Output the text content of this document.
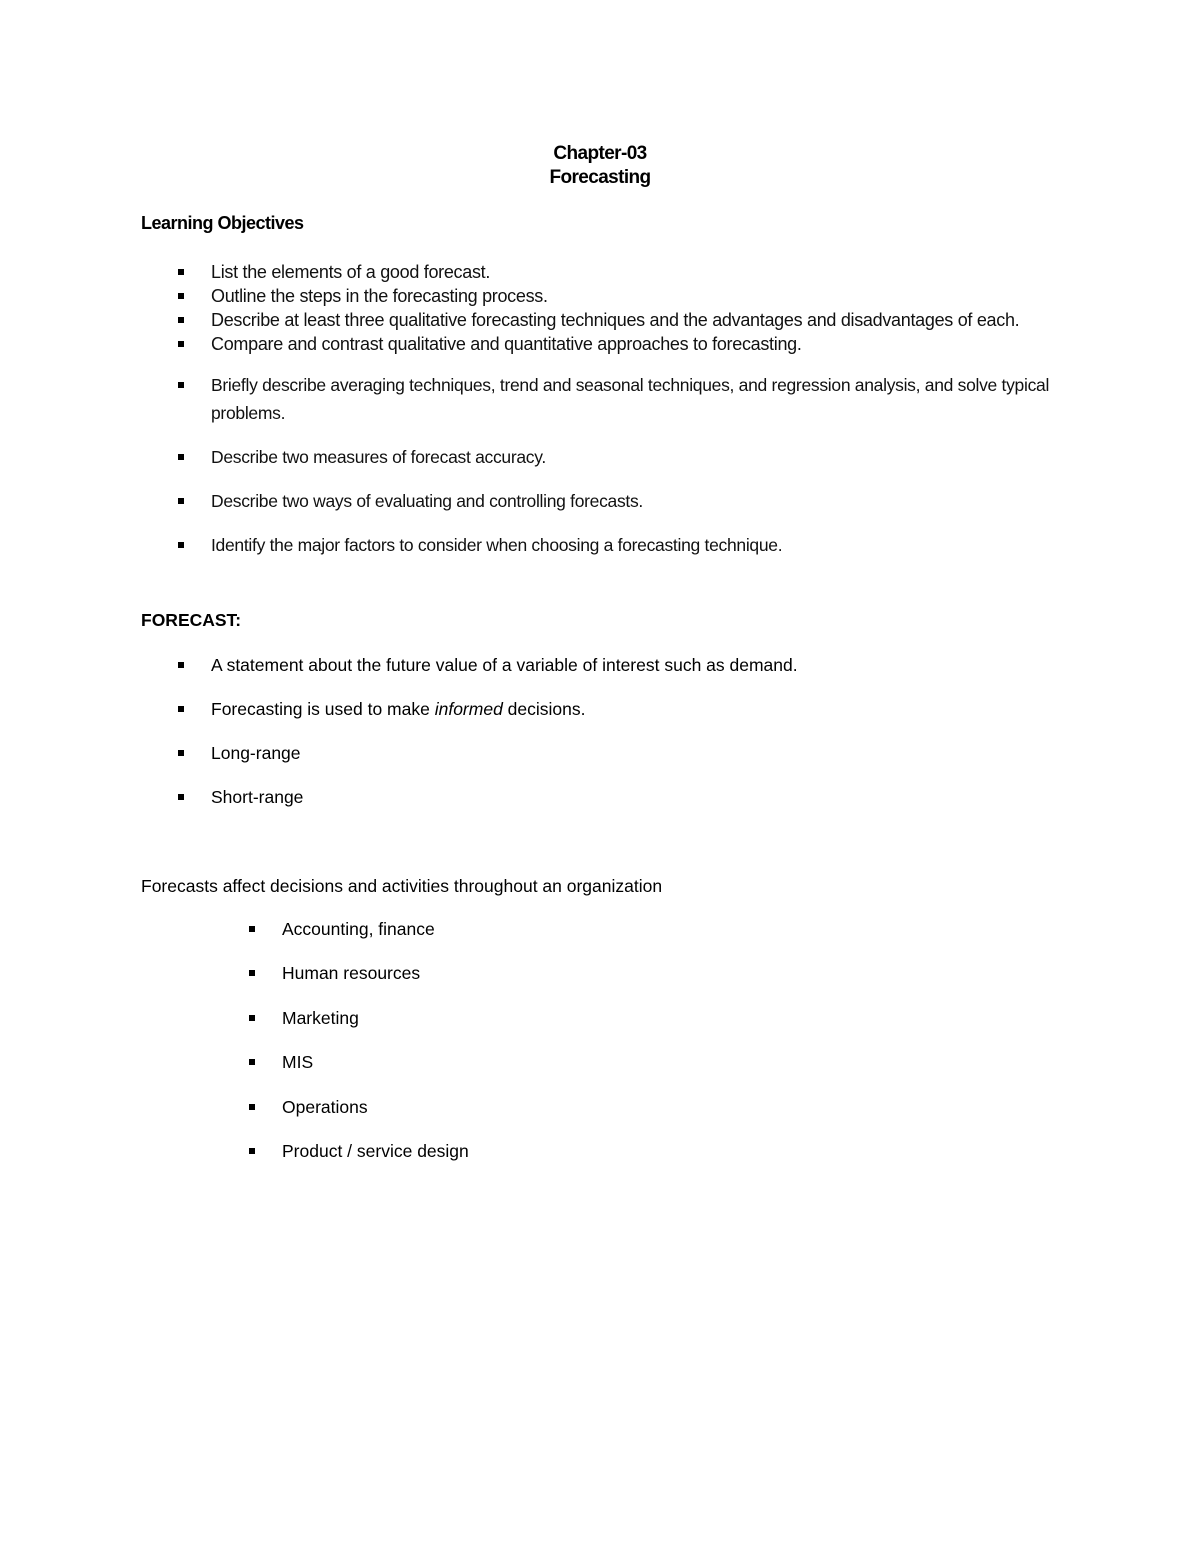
Chapter-03
Forecasting
Learning Objectives
List the elements of a good forecast.
Outline the steps in the forecasting process.
Describe at least three qualitative forecasting techniques and the advantages and disadvantages of each.
Compare and contrast qualitative and quantitative approaches to forecasting.
Briefly describe averaging techniques, trend and seasonal techniques, and regression analysis, and solve typical problems.
Describe two measures of forecast accuracy.
Describe two ways of evaluating and controlling forecasts.
Identify the major factors to consider when choosing a forecasting technique.
FORECAST:
A statement about the future value of a variable of interest such as demand.
Forecasting is used to make informed decisions.
Long-range
Short-range

Forecasts affect decisions and activities throughout an organization

Accounting, finance
Human resources
Marketing
MIS
Operations
Product / service design
